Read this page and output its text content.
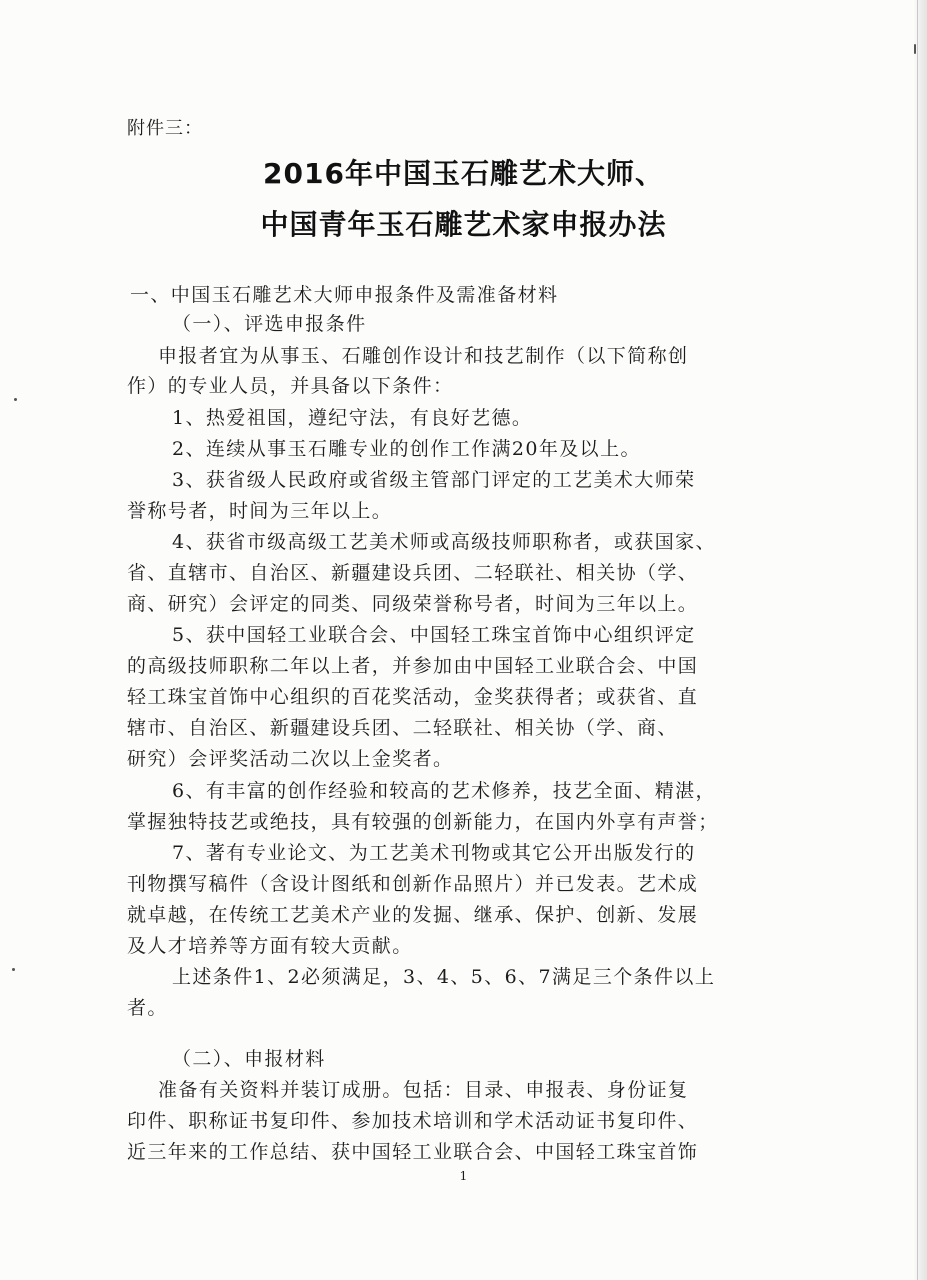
附件三：
2016年中国玉石雕艺术大师、
中国青年玉石雕艺术家申报办法
一、中国玉石雕艺术大师申报条件及需准备材料
（一）、评选申报条件
申报者宜为从事玉、石雕创作设计和技艺制作（以下简称创
作）的专业人员，并具备以下条件：
1、热爱祖国，遵纪守法，有良好艺德。
2、连续从事玉石雕专业的创作工作满20年及以上。
3、获省级人民政府或省级主管部门评定的工艺美术大师荣
誉称号者，时间为三年以上。
4、获省市级高级工艺美术师或高级技师职称者，或获国家、
省、直辖市、自治区、新疆建设兵团、二轻联社、相关协（学、
商、研究）会评定的同类、同级荣誉称号者，时间为三年以上。
5、获中国轻工业联合会、中国轻工珠宝首饰中心组织评定
的高级技师职称二年以上者，并参加由中国轻工业联合会、中国
轻工珠宝首饰中心组织的百花奖活动，金奖获得者；或获省、直
辖市、自治区、新疆建设兵团、二轻联社、相关协（学、商、
研究）会评奖活动二次以上金奖者。
6、有丰富的创作经验和较高的艺术修养，技艺全面、精湛，
掌握独特技艺或绝技，具有较强的创新能力，在国内外享有声誉；
7、著有专业论文、为工艺美术刊物或其它公开出版发行的
刊物撰写稿件（含设计图纸和创新作品照片）并已发表。艺术成
就卓越，在传统工艺美术产业的发掘、继承、保护、创新、发展
及人才培养等方面有较大贡献。
上述条件1、2必须满足，3、4、5、6、7满足三个条件以上
者。
（二）、申报材料
准备有关资料并装订成册。包括：目录、申报表、身份证复
印件、职称证书复印件、参加技术培训和学术活动证书复印件、
近三年来的工作总结、获中国轻工业联合会、中国轻工珠宝首饰
1
